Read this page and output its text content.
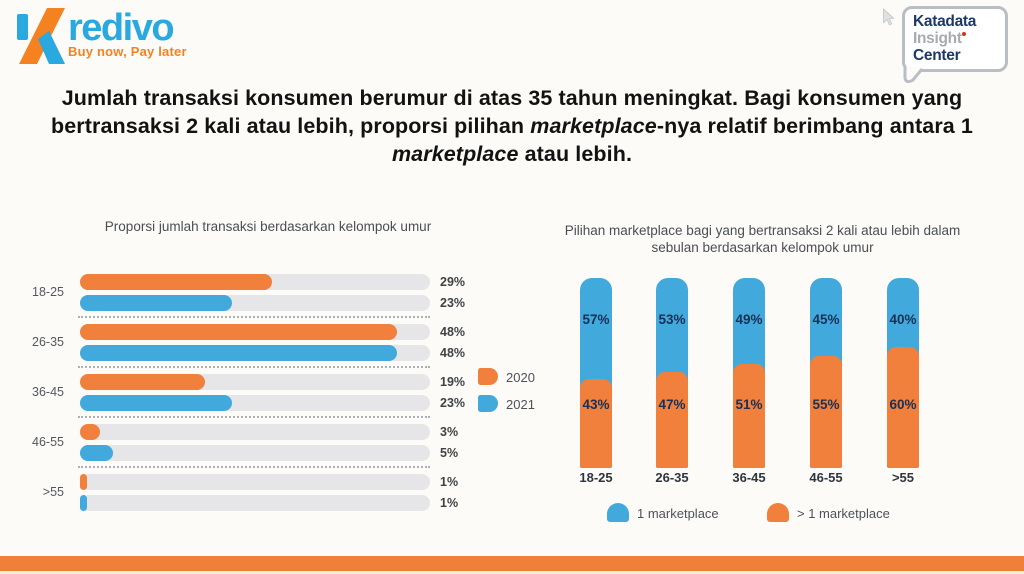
redivo
Buy now, Pay later
Katadata
Insight
Center
Jumlah transaksi konsumen berumur di atas 35 tahun meningkat. Bagi konsumen yang bertransaksi 2 kali atau lebih, proporsi pilihan marketplace-nya relatif berimbang antara 1 marketplace atau lebih.
Proporsi jumlah transaksi berdasarkan kelompok umur
18-25
29%
23%
26-35
48%
48%
36-45
19%
23%
46-55
3%
5%
>55
1%
1%
2020
2021
Pilihan marketplace bagi yang bertransaksi 2 kali atau lebih dalam sebulan berdasarkan kelompok umur
57%
43%
18-25
53%
47%
26-35
49%
51%
36-45
45%
55%
46-55
40%
60%
>55
1 marketplace	> 1 marketplace
